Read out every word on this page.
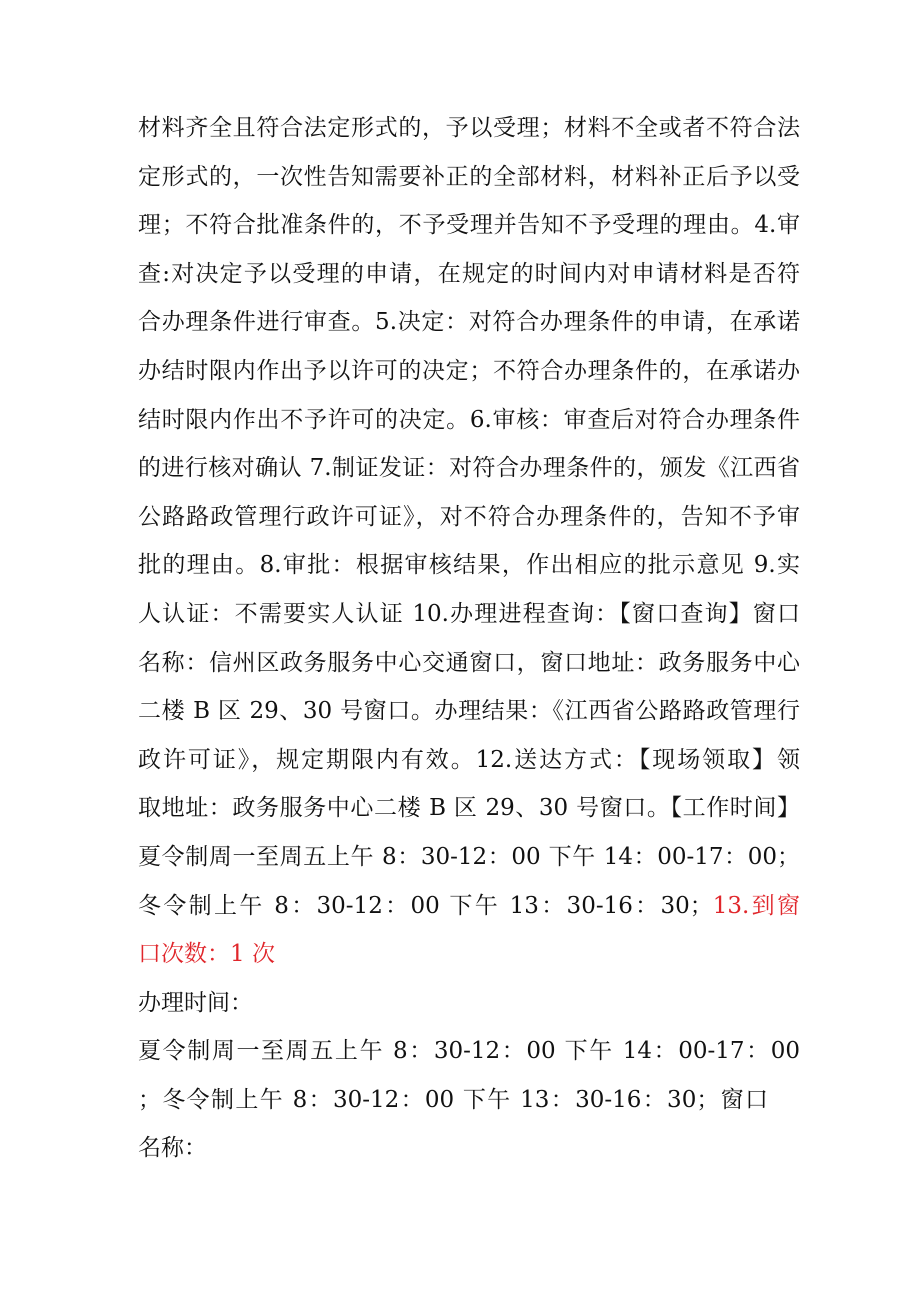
材料齐全且符合法定形式的，予以受理；材料不全或者不符合法
定形式的，一次性告知需要补正的全部材料，材料补正后予以受
理；不符合批准条件的，不予受理并告知不予受理的理由。4.审
查:对决定予以受理的申请，在规定的时间内对申请材料是否符
合办理条件进行审查。5.决定：对符合办理条件的申请，在承诺
办结时限内作出予以许可的决定；不符合办理条件的，在承诺办
结时限内作出不予许可的决定。6.审核：审查后对符合办理条件
的进行核对确认 7.制证发证：对符合办理条件的，颁发《江西省
公路路政管理行政许可证》，对不符合办理条件的，告知不予审
批的理由。8.审批：根据审核结果，作出相应的批示意见 9.实
人认证：不需要实人认证 10.办理进程查询：【窗口查询】窗口
名称：信州区政务服务中心交通窗口，窗口地址：政务服务中心
二楼 B 区 29、30 号窗口。办理结果：《江西省公路路政管理行
政许可证》，规定期限内有效。12.送达方式：【现场领取】领
取地址：政务服务中心二楼 B 区 29、30 号窗口。【工作时间】
夏令制周一至周五上午 8：30-12：00 下午 14：00-17：00；
冬令制上午 8：30-12：00 下午 13：30-16：30；13.到窗
口次数：1 次
办理时间：
夏令制周一至周五上午 8：30-12：00 下午 14：00-17：00
；冬令制上午 8：30-12：00 下午 13：30-16：30；窗口
名称：
